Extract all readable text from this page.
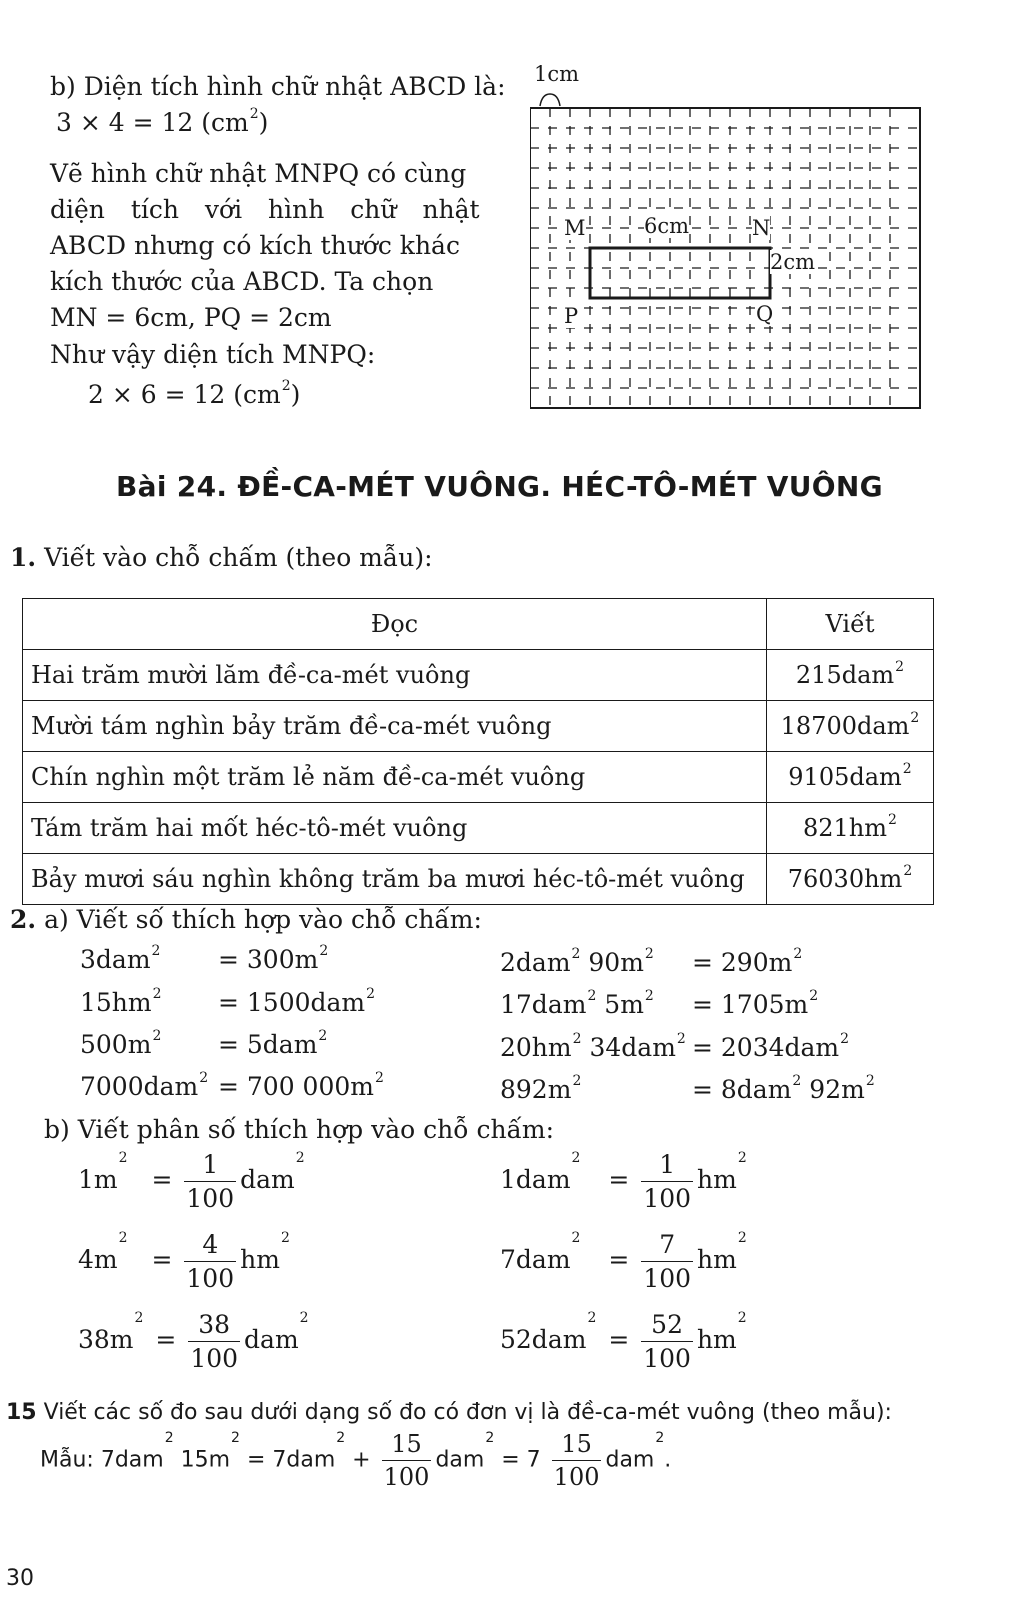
b) Diện tích hình chữ nhật ABCD là:
3 × 4 = 12 $(cm^2)$
Vẽ hình chữ nhật MNPQ có cùng
diện tích với hình chữ nhật
ABCD nhưng có kích thước khác
kích thước của ABCD. Ta chọn
MN = 6cm, PQ = 2cm
Như vậy diện tích MNPQ:
2 × 6 = 12 $(cm^2)$
1cm
M	6cm	N
2cm
P	Q
Bài 24. ĐỀ-CA-MÉT VUÔNG. HÉC-TÔ-MÉT VUÔNG
1. Viết vào chỗ chấm (theo mẫu):
Đọc	Viết
Hai trăm mười lăm đề-ca-mét vuông	215dam$^2$
Mười tám nghìn bảy trăm đề-ca-mét vuông	18700dam$^2$
Chín nghìn một trăm lẻ năm đề-ca-mét vuông	9105dam$^2$
Tám trăm hai mốt héc-tô-mét vuông	$821hm^2$
Bảy mươi sáu nghìn không trăm ba mươi héc-tô-mét vuông	$76030hm^2$
2. a) Viết số thích hợp vào chỗ chấm:
$3dam^2 = 300m^2$
$15hm^2 = 1500dam^2$
$500m^2 = 5dam^2$
7000dam$^2$ = 700 $000m^2$
2dam$^2$ $90m^2 = 290m^2$
17dam$^2$ $5m^2 = 1705m^2$
$20hm^2$ 34dam$^2$ = 2034dam$^2$
$892m^2$	= 8dam$^2$ $92m^2$
b) Viết phân số thích hợp vào chỗ chấm:
$1m^2 = \frac{1}{100} dam^2$
$4m^2 = \frac{4}{100} hm^2$
$38m^2 = \frac{38}{100} dam^2$
$1dam^2 = \frac{1}{100} hm^2$
$7dam^2 = \frac{7}{100} hm^2$
$52dam^2 = \frac{52}{100} hm^2$
15 Viết các số đo sau dưới dạng số đo có đơn vị là đề-ca-mét vuông (theo mẫu):
Mẫu: 7dam$^2$ $15m^2 = 7dam^2 + \frac{15}{100} dam^2 = 7 \frac{15}{100} dam^2$.
30
